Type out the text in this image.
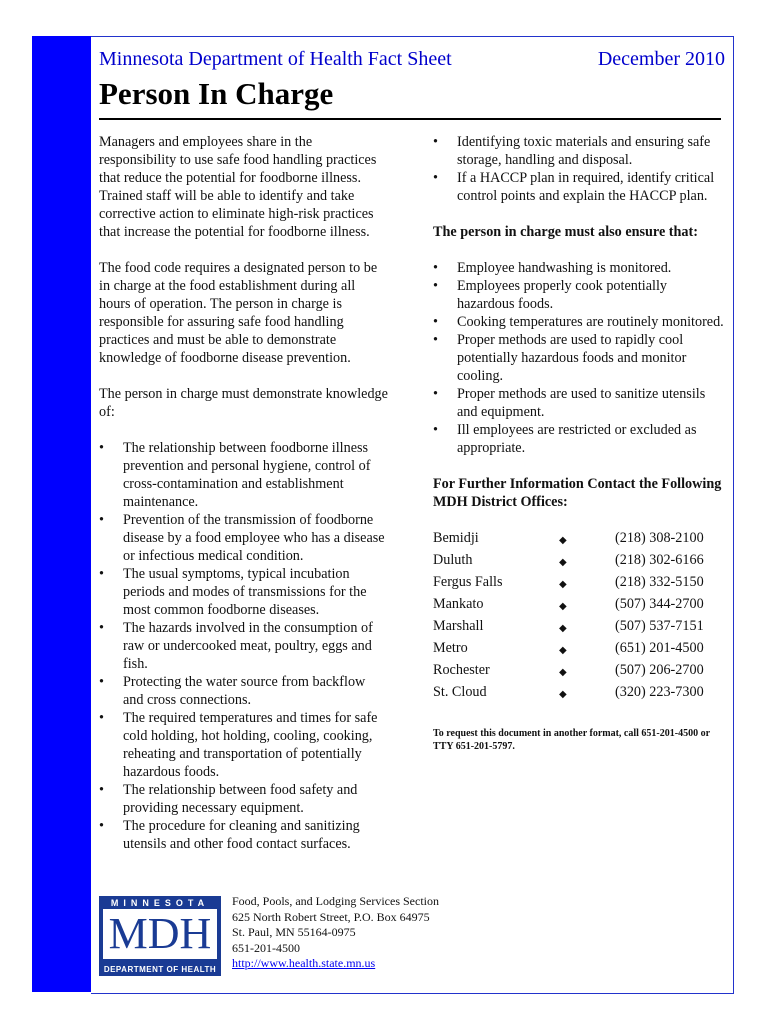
Minnesota Department of Health Fact Sheet	December 2010
Person In Charge

Managers and employees share in the responsibility to use safe food handling practices that reduce the potential for foodborne illness. Trained staff will be able to identify and take corrective action to eliminate high-risk practices that increase the potential for foodborne illness.

The food code requires a designated person to be in charge at the food establishment during all hours of operation. The person in charge is responsible for assuring safe food handling practices and must be able to demonstrate knowledge of foodborne disease prevention.

The person in charge must demonstrate knowledge of:

• The relationship between foodborne illness prevention and personal hygiene, control of cross-contamination and establishment maintenance.
• Prevention of the transmission of foodborne disease by a food employee who has a disease or infectious medical condition.
• The usual symptoms, typical incubation periods and modes of transmissions for the most common foodborne diseases.
• The hazards involved in the consumption of raw or undercooked meat, poultry, eggs and fish.
• Protecting the water source from backflow and cross connections.
• The required temperatures and times for safe cold holding, hot holding, cooling, cooking, reheating and transportation of potentially hazardous foods.
• The relationship between food safety and providing necessary equipment.
• The procedure for cleaning and sanitizing utensils and other food contact surfaces.
• Identifying toxic materials and ensuring safe storage, handling and disposal.
• If a HACCP plan in required, identify critical control points and explain the HACCP plan.
The person in charge must also ensure that:
• Employee handwashing is monitored.
• Employees properly cook potentially hazardous foods.
• Cooking temperatures are routinely monitored.
• Proper methods are used to rapidly cool potentially hazardous foods and monitor cooling.
• Proper methods are used to sanitize utensils and equipment.
• Ill employees are restricted or excluded as appropriate.
For Further Information Contact the Following MDH District Offices:
Bemidji	◆	(218) 308-2100
Duluth	◆	(218) 302-6166
Fergus Falls	◆	(218) 332-5150
Mankato	◆	(507) 344-2700
Marshall	◆	(507) 537-7151
Metro	◆	(651) 201-4500
Rochester	◆	(507) 206-2700
St. Cloud	◆	(320) 223-7300
To request this document in another format, call 651-201-4500 or TTY 651-201-5797.
MINNESOTA
MDH
DEPARTMENT OF HEALTH
Food, Pools, and Lodging Services Section
625 North Robert Street, P.O. Box 64975
St. Paul, MN 55164-0975
651-201-4500
http://www.health.state.mn.us
